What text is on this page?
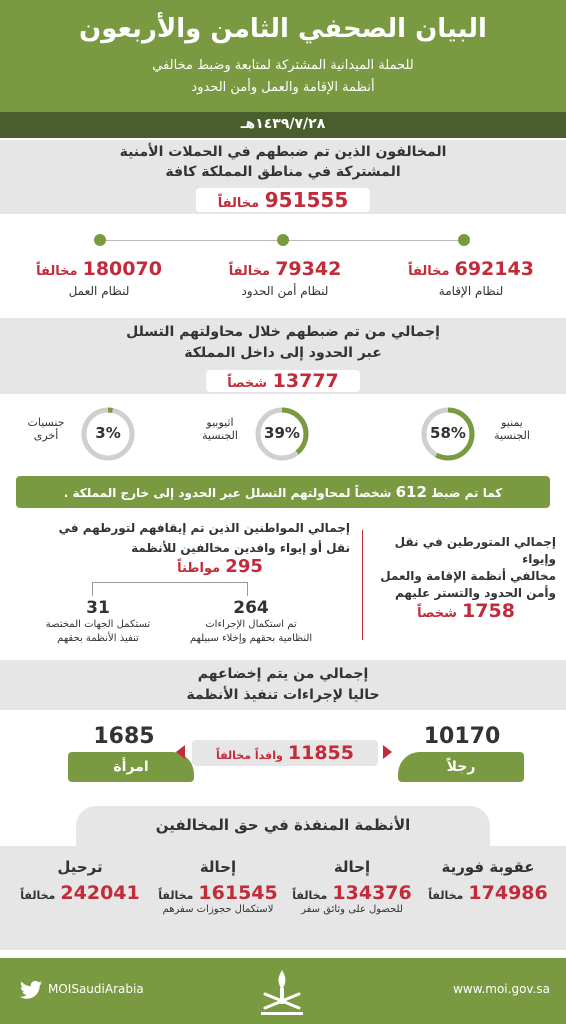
البيان الصحفي الثامن والأربعون
للحملة الميدانية المشتركة لمتابعة وضبط مخالفي
أنظمة الإقامة والعمل وأمن الحدود
١٤٣٩/٧/٢٨هـ
المخالفون الذين تم ضبطهم في الحملات الأمنية
المشتركة في مناطق المملكة كافة
951555 مخالفاً
692143 مخالفاً
لنظام الإقامة
79342 مخالفاً
لنظام أمن الحدود
180070 مخالفاً
لنظام العمل
إجمالي من تم ضبطهم خلال محاولتهم التسلل
عبر الحدود إلى داخل المملكة
13777 شخصاً
58%
يمنيو
الجنسية
39%
اثيوبيو
الجنسية
3%
جنسيات
أخرى
كما تم ضبط 612 شخصاً لمحاولتهم التسلل عبر الحدود إلى خارج المملكة .
إجمالي المتورطين في نقل وإيواء
مخالفي أنظمة الإقامة والعمل
وأمن الحدود والتستر عليهم
1758 شخصاً
إجمالي المواطنين الذين تم إيقافهم لتورطهم في
نقل أو إيواء وافدين مخالفين للأنظمة
295 مواطناً
264
تم استكمال الإجراءات
النظامية بحقهم وإخلاء سبيلهم
31
تستكمل الجهات المختصة
تنفيذ الأنظمة بحقهم
إجمالي من يتم إخضاعهم
حاليا لإجراءات تنفيذ الأنظمة
10170
رجلاً
1685
امرأة
11855 وافداً مخالفاً
الأنظمة المنفذة في حق المخالفين
عقوبة فورية
174986 مخالفاً
إحالة
134376 مخالفاً
للحصول على وثائق سفر
إحالة
161545 مخالفاً
لاستكمال حجوزات سفرهم
ترحيل
242041 مخالفاً
MOISaudiArabia	www.moi.gov.sa
